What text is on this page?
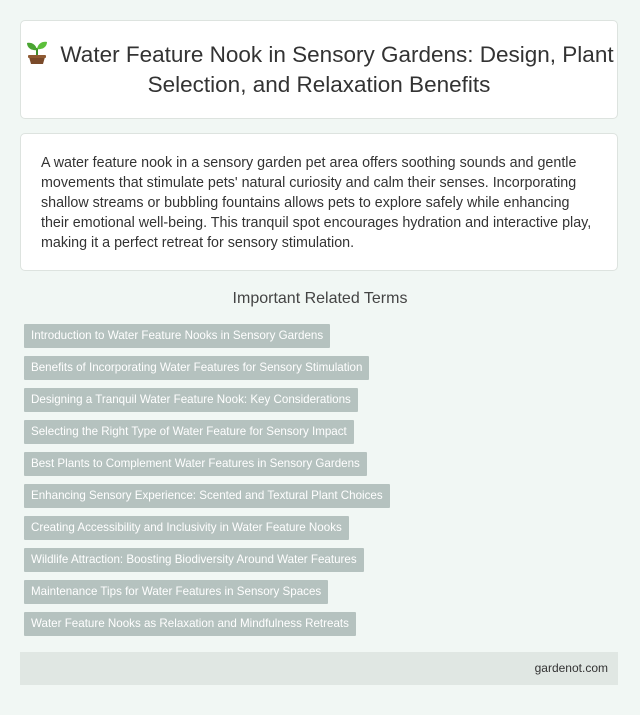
Water Feature Nook in Sensory Gardens: Design, Plant Selection, and Relaxation Benefits

A water feature nook in a sensory garden pet area offers soothing sounds and gentle movements that stimulate pets' natural curiosity and calm their senses. Incorporating shallow streams or bubbling fountains allows pets to explore safely while enhancing their emotional well-being. This tranquil spot encourages hydration and interactive play, making it a perfect retreat for sensory stimulation.

Important Related Terms
Introduction to Water Feature Nooks in Sensory Gardens
Benefits of Incorporating Water Features for Sensory Stimulation
Designing a Tranquil Water Feature Nook: Key Considerations
Selecting the Right Type of Water Feature for Sensory Impact
Best Plants to Complement Water Features in Sensory Gardens
Enhancing Sensory Experience: Scented and Textural Plant Choices
Creating Accessibility and Inclusivity in Water Feature Nooks
Wildlife Attraction: Boosting Biodiversity Around Water Features
Maintenance Tips for Water Features in Sensory Spaces
Water Feature Nooks as Relaxation and Mindfulness Retreats
gardenot.com
